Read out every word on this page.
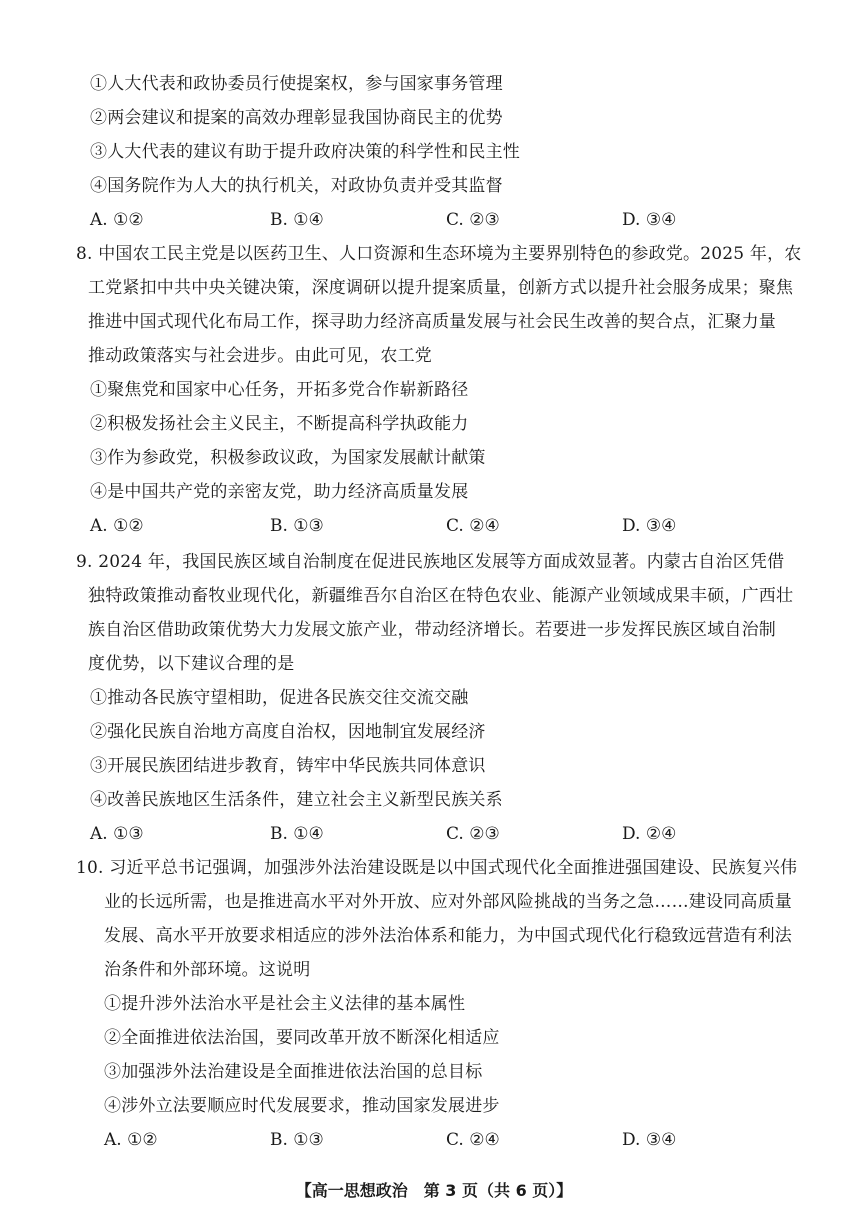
①人大代表和政协委员行使提案权，参与国家事务管理
②两会建议和提案的高效办理彰显我国协商民主的优势
③人大代表的建议有助于提升政府决策的科学性和民主性
④国务院作为人大的执行机关，对政协负责并受其监督
A. ①②	B. ①④	C. ②③	D. ③④
8. 中国农工民主党是以医药卫生、人口资源和生态环境为主要界别特色的参政党。2025 年，农
工党紧扣中共中央关键决策，深度调研以提升提案质量，创新方式以提升社会服务成果；聚焦
推进中国式现代化布局工作，探寻助力经济高质量发展与社会民生改善的契合点，汇聚力量
推动政策落实与社会进步。由此可见，农工党
①聚焦党和国家中心任务，开拓多党合作崭新路径
②积极发扬社会主义民主，不断提高科学执政能力
③作为参政党，积极参政议政，为国家发展献计献策
④是中国共产党的亲密友党，助力经济高质量发展
A. ①②	B. ①③	C. ②④	D. ③④
9. 2024 年，我国民族区域自治制度在促进民族地区发展等方面成效显著。内蒙古自治区凭借
独特政策推动畜牧业现代化，新疆维吾尔自治区在特色农业、能源产业领域成果丰硕，广西壮
族自治区借助政策优势大力发展文旅产业，带动经济增长。若要进一步发挥民族区域自治制
度优势，以下建议合理的是
①推动各民族守望相助，促进各民族交往交流交融
②强化民族自治地方高度自治权，因地制宜发展经济
③开展民族团结进步教育，铸牢中华民族共同体意识
④改善民族地区生活条件，建立社会主义新型民族关系
A. ①③	B. ①④	C. ②③	D. ②④
10. 习近平总书记强调，加强涉外法治建设既是以中国式现代化全面推进强国建设、民族复兴伟
业的长远所需，也是推进高水平对外开放、应对外部风险挑战的当务之急……建设同高质量
发展、高水平开放要求相适应的涉外法治体系和能力，为中国式现代化行稳致远营造有利法
治条件和外部环境。这说明
①提升涉外法治水平是社会主义法律的基本属性
②全面推进依法治国，要同改革开放不断深化相适应
③加强涉外法治建设是全面推进依法治国的总目标
④涉外立法要顺应时代发展要求，推动国家发展进步
A. ①②	B. ①③	C. ②④	D. ③④
【高一思想政治　第 3 页（共 6 页）】
